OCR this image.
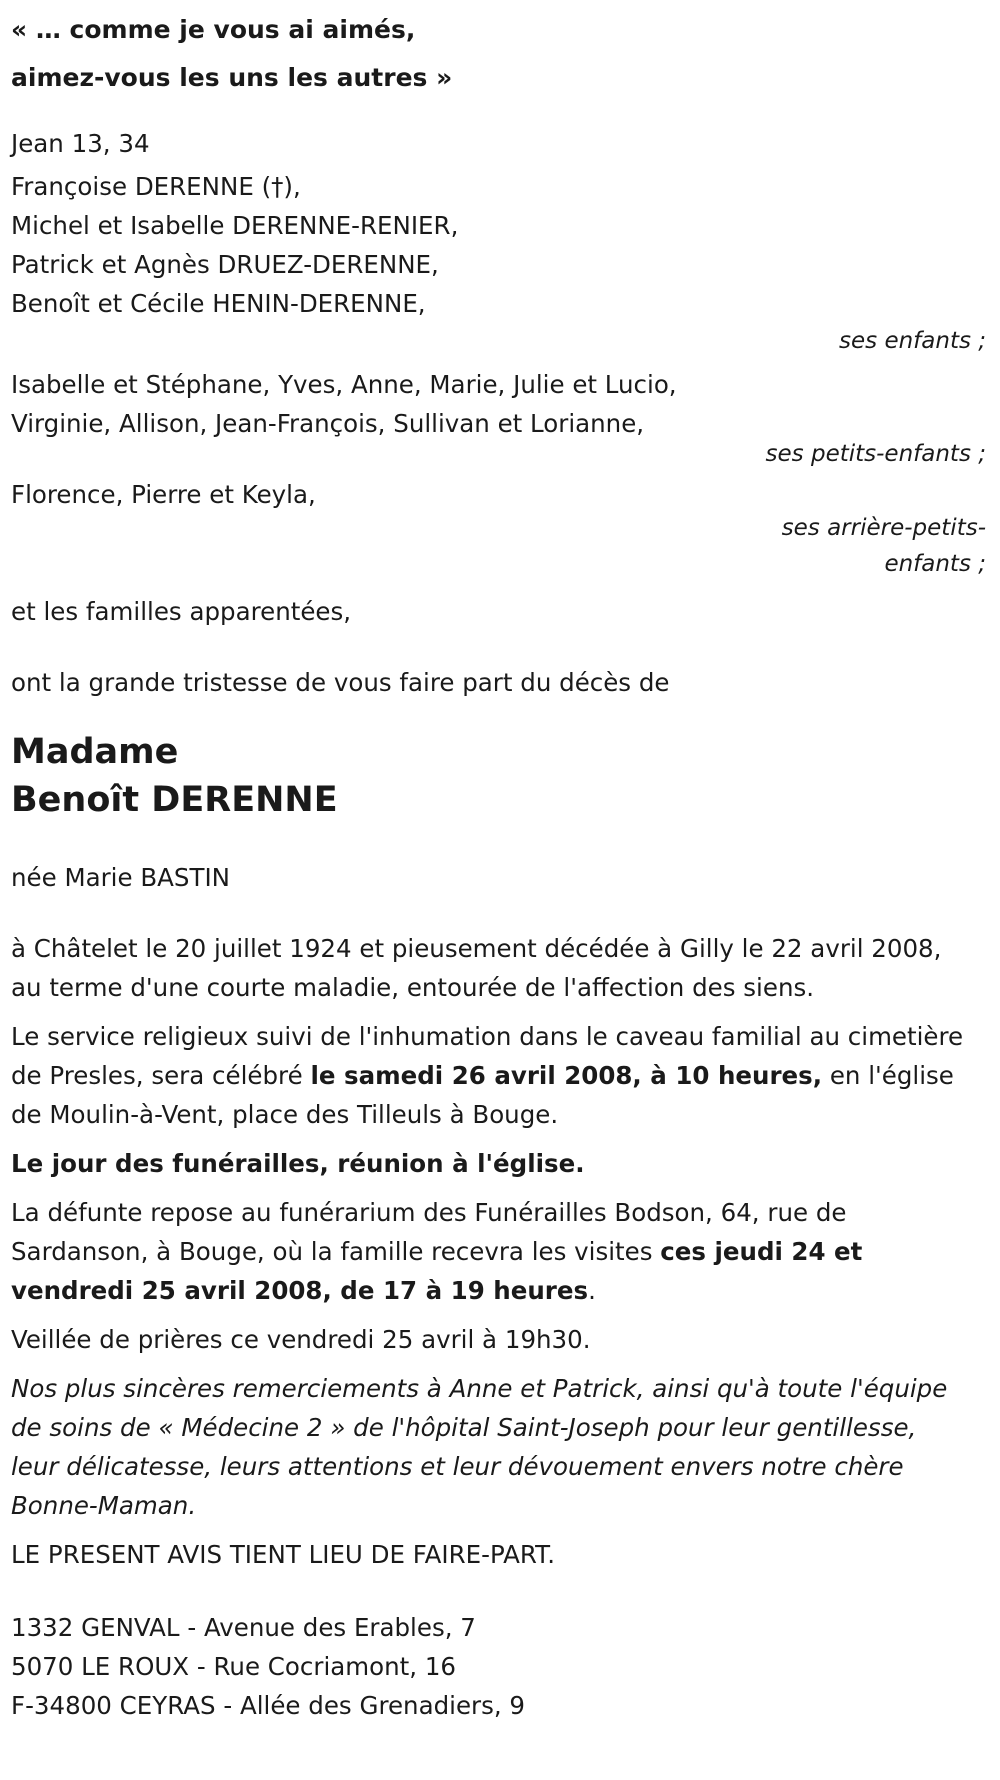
« … comme je vous ai aimés,
aimez-vous les uns les autres »

Jean 13, 34

Françoise DERENNE (†),

Michel et Isabelle DERENNE-RENIER,

Patrick et Agnès DRUEZ-DERENNE,

Benoît et Cécile HENIN-DERENNE,

ses enfants ;

Isabelle et Stéphane, Yves, Anne, Marie, Julie et Lucio,

Virginie, Allison, Jean-François, Sullivan et Lorianne,

ses petits-enfants ;

Florence, Pierre et Keyla,

ses arrière-petits-
enfants ;

et les familles apparentées,

ont la grande tristesse de vous faire part du décès de

Madame

Benoît DERENNE

née Marie BASTIN

à Châtelet le 20 juillet 1924 et pieusement décédée à Gilly le 22 avril 2008, au terme d'une courte maladie, entourée de l'affection des siens.

Le service religieux suivi de l'inhumation dans le caveau familial au cimetière de Presles, sera célébré le samedi 26 avril 2008, à 10 heures, en l'église de Moulin-à-Vent, place des Tilleuls à Bouge.

Le jour des funérailles, réunion à l'église.

La défunte repose au funérarium des Funérailles Bodson, 64, rue de Sardanson, à Bouge, où la famille recevra les visites ces jeudi 24 et vendredi 25 avril 2008, de 17 à 19 heures.

Veillée de prières ce vendredi 25 avril à 19h30.

Nos plus sincères remerciements à Anne et Patrick, ainsi qu'à toute l'équipe de soins de « Médecine 2 » de l'hôpital Saint-Joseph pour leur gentillesse, leur délicatesse, leurs attentions et leur dévouement envers notre chère Bonne-Maman.

LE PRESENT AVIS TIENT LIEU DE FAIRE-PART.

1332 GENVAL - Avenue des Erables, 7

5070 LE ROUX - Rue Cocriamont, 16

F-34800 CEYRAS - Allée des Grenadiers, 9
